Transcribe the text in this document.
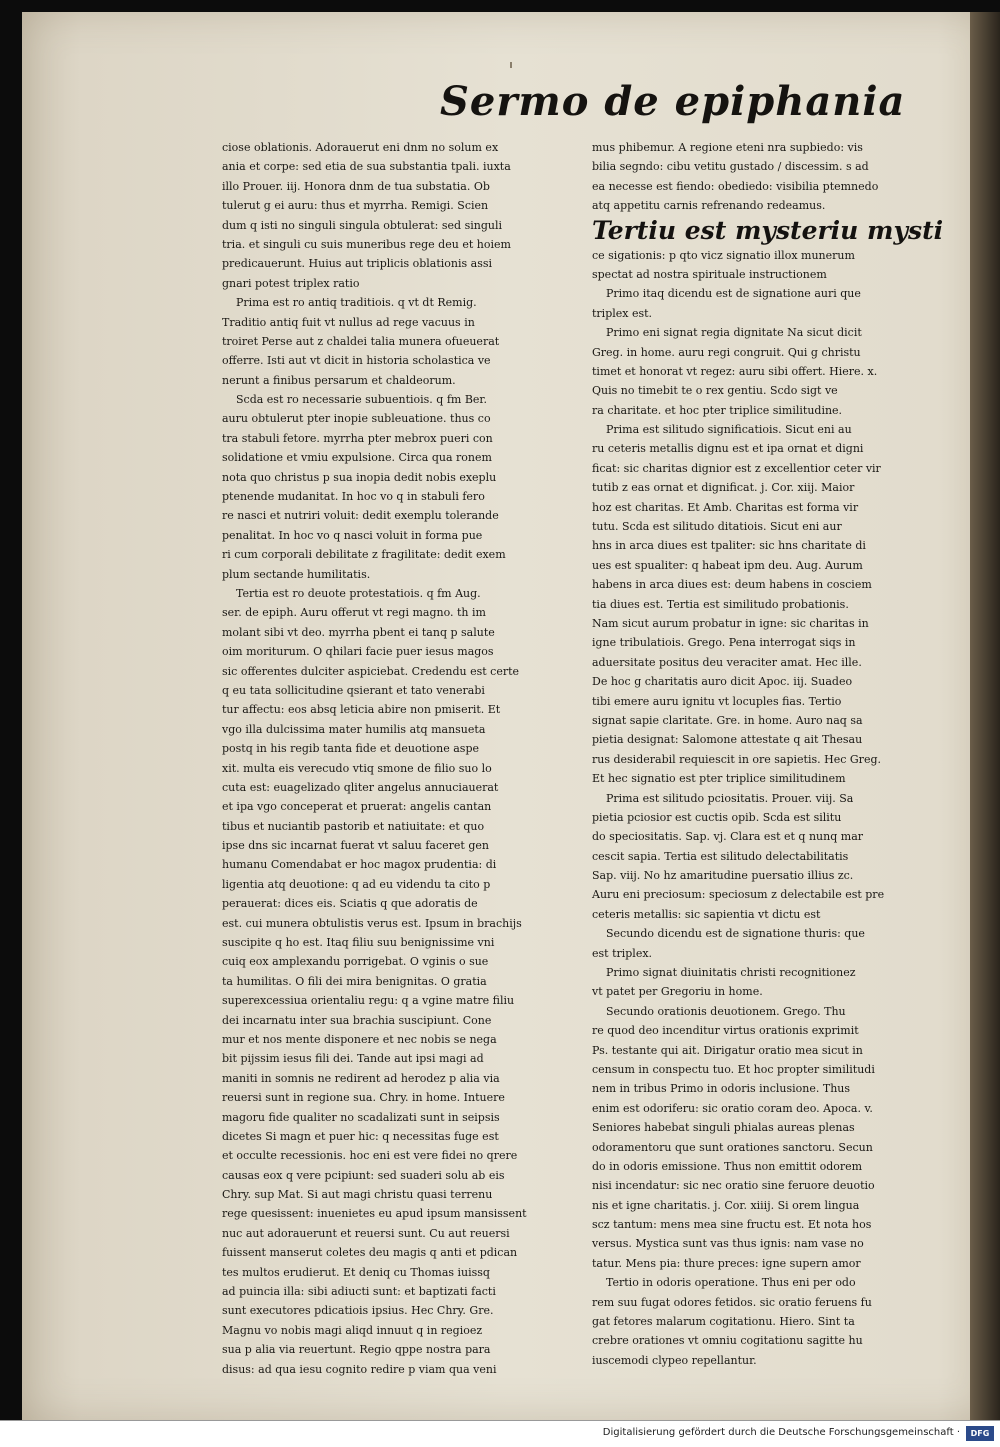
Sermo de epiphania
ciose oblationis. Adorauerut eni dnm no solum ex
ania et corpe: sed etia de sua substantia tpali. iuxta
illo Prouer. iij. Honora dnm de tua substatia. Ob
tulerut g ei auru: thus et myrrha. Remigi. Scien
dum q isti no singuli singula obtulerat: sed singuli
tria. et singuli cu suis muneribus rege deu et hoiem
predicauerunt. Huius aut triplicis oblationis assi
gnari potest triplex ratio
Prima est ro antiq traditiois. q vt dt Remig.
Traditio antiq fuit vt nullus ad rege vacuus in
troiret Perse aut z chaldei talia munera ofueuerat
offerre. Isti aut vt dicit in historia scholastica ve
nerunt a finibus persarum et chaldeorum.
Scda est ro necessarie subuentiois. q fm Ber.
auru obtulerut pter inopie subleuatione. thus co
tra stabuli fetore. myrrha pter mebrox pueri con
solidatione et vmiu expulsione. Circa qua ronem
nota quo christus p sua inopia dedit nobis exeplu
ptenende mudanitat. In hoc vo q in stabuli fero
re nasci et nutriri voluit: dedit exemplu tolerande
penalitat. In hoc vo q nasci voluit in forma pue
ri cum corporali debilitate z fragilitate: dedit exem
plum sectande humilitatis.
Tertia est ro deuote protestatiois. q fm Aug.
ser. de epiph. Auru offerut vt regi magno. th im
molant sibi vt deo. myrrha pbent ei tanq p salute
oim moriturum. O qhilari facie puer iesus magos
sic offerentes dulciter aspiciebat. Credendu est certe
q eu tata sollicitudine qsierant et tato venerabi
tur affectu: eos absq leticia abire non pmiserit. Et
vgo illa dulcissima mater humilis atq mansueta
postq in his regib tanta fide et deuotione aspe
xit. multa eis verecudo vtiq smone de filio suo lo
cuta est: euagelizado qliter angelus annuciauerat
et ipa vgo conceperat et pruerat: angelis cantan
tibus et nuciantib pastorib et natiuitate: et quo
ipse dns sic incarnat fuerat vt saluu faceret gen
humanu Comendabat er hoc magox prudentia: di
ligentia atq deuotione: q ad eu videndu ta cito p
perauerat: dices eis. Sciatis q que adoratis de
est. cui munera obtulistis verus est. Ipsum in brachijs
suscipite q ho est. Itaq filiu suu benignissime vni
cuiq eox amplexandu porrigebat. O vginis o sue
ta humilitas. O fili dei mira benignitas. O gratia
superexcessiua orientaliu regu: q a vgine matre filiu
dei incarnatu inter sua brachia suscipiunt. Cone
mur et nos mente disponere et nec nobis se nega
bit pijssim iesus fili dei. Tande aut ipsi magi ad
maniti in somnis ne redirent ad herodez p alia via
reuersi sunt in regione sua. Chry. in home. Intuere
magoru fide qualiter no scadalizati sunt in seipsis
dicetes Si magn et puer hic: q necessitas fuge est
et occulte recessionis. hoc eni est vere fidei no qrere
causas eox q vere pcipiunt: sed suaderi solu ab eis
Chry. sup Mat. Si aut magi christu quasi terrenu
rege quesissent: inuenietes eu apud ipsum mansissent
nuc aut adorauerunt et reuersi sunt. Cu aut reuersi
fuissent manserut coletes deu magis q anti et pdican
tes multos erudierut. Et deniq cu Thomas iuissq
ad puincia illa: sibi adiucti sunt: et baptizati facti
sunt executores pdicatiois ipsius. Hec Chry. Gre.
Magnu vo nobis magi aliqd innuut q in regioez
sua p alia via reuertunt. Regio qppe nostra para
disus: ad qua iesu cognito redire p viam qua veni
mus phibemur. A regione eteni nra supbiedo: vis
bilia segndo: cibu vetitu gustado / discessim. s ad
ea necesse est fiendo: obediedo: visibilia ptemnedo
atq appetitu carnis refrenando redeamus.
Tertiu est mysteriu mysti
ce sigationis: p qto vicz signatio illox munerum
spectat ad nostra spirituale instructionem
Primo itaq dicendu est de signatione auri que
triplex est.
Primo eni signat regia dignitate Na sicut dicit
Greg. in home. auru regi congruit. Qui g christu
timet et honorat vt regez: auru sibi offert. Hiere. x.
Quis no timebit te o rex gentiu. Scdo sigt ve
ra charitate. et hoc pter triplice similitudine.
Prima est silitudo significatiois. Sicut eni au
ru ceteris metallis dignu est et ipa ornat et digni
ficat: sic charitas dignior est z excellentior ceter vir
tutib z eas ornat et dignificat. j. Cor. xiij. Maior
hoz est charitas. Et Amb. Charitas est forma vir
tutu. Scda est silitudo ditatiois. Sicut eni aur
hns in arca diues est tpaliter: sic hns charitate di
ues est spualiter: q habeat ipm deu. Aug. Aurum
habens in arca diues est: deum habens in cosciem
tia diues est. Tertia est similitudo probationis.
Nam sicut aurum probatur in igne: sic charitas in
igne tribulatiois. Grego. Pena interrogat siqs in
aduersitate positus deu veraciter amat. Hec ille.
De hoc g charitatis auro dicit Apoc. iij. Suadeo
tibi emere auru ignitu vt locuples fias. Tertio
signat sapie claritate. Gre. in home. Auro naq sa
pietia designat: Salomone attestate q ait Thesau
rus desiderabil requiescit in ore sapietis. Hec Greg.
Et hec signatio est pter triplice similitudinem
Prima est silitudo pciositatis. Prouer. viij. Sa
pietia pciosior est cuctis opib. Scda est silitu
do speciositatis. Sap. vj. Clara est et q nunq mar
cescit sapia. Tertia est silitudo delectabilitatis
Sap. viij. No hz amaritudine puersatio illius zc.
Auru eni preciosum: speciosum z delectabile est pre
ceteris metallis: sic sapientia vt dictu est
Secundo dicendu est de signatione thuris: que
est triplex.
Primo signat diuinitatis christi recognitionez
vt patet per Gregoriu in home.
Secundo orationis deuotionem. Grego. Thu
re quod deo incenditur virtus orationis exprimit
Ps. testante qui ait. Dirigatur oratio mea sicut in
censum in conspectu tuo. Et hoc propter similitudi
nem in tribus Primo in odoris inclusione. Thus
enim est odoriferu: sic oratio coram deo. Apoca. v.
Seniores habebat singuli phialas aureas plenas
odoramentoru que sunt orationes sanctoru. Secun
do in odoris emissione. Thus non emittit odorem
nisi incendatur: sic nec oratio sine feruore deuotio
nis et igne charitatis. j. Cor. xiiij. Si orem lingua
scz tantum: mens mea sine fructu est. Et nota hos
versus. Mystica sunt vas thus ignis: nam vase no
tatur. Mens pia: thure preces: igne supern amor
Tertio in odoris operatione. Thus eni per odo
rem suu fugat odores fetidos. sic oratio feruens fu
gat fetores malarum cogitationu. Hiero. Sint ta
crebre orationes vt omniu cogitationu sagitte hu
iuscemodi clypeo repellantur.
Digitalisierung gefördert durch die Deutsche Forschungsgemeinschaft ·	DFG
